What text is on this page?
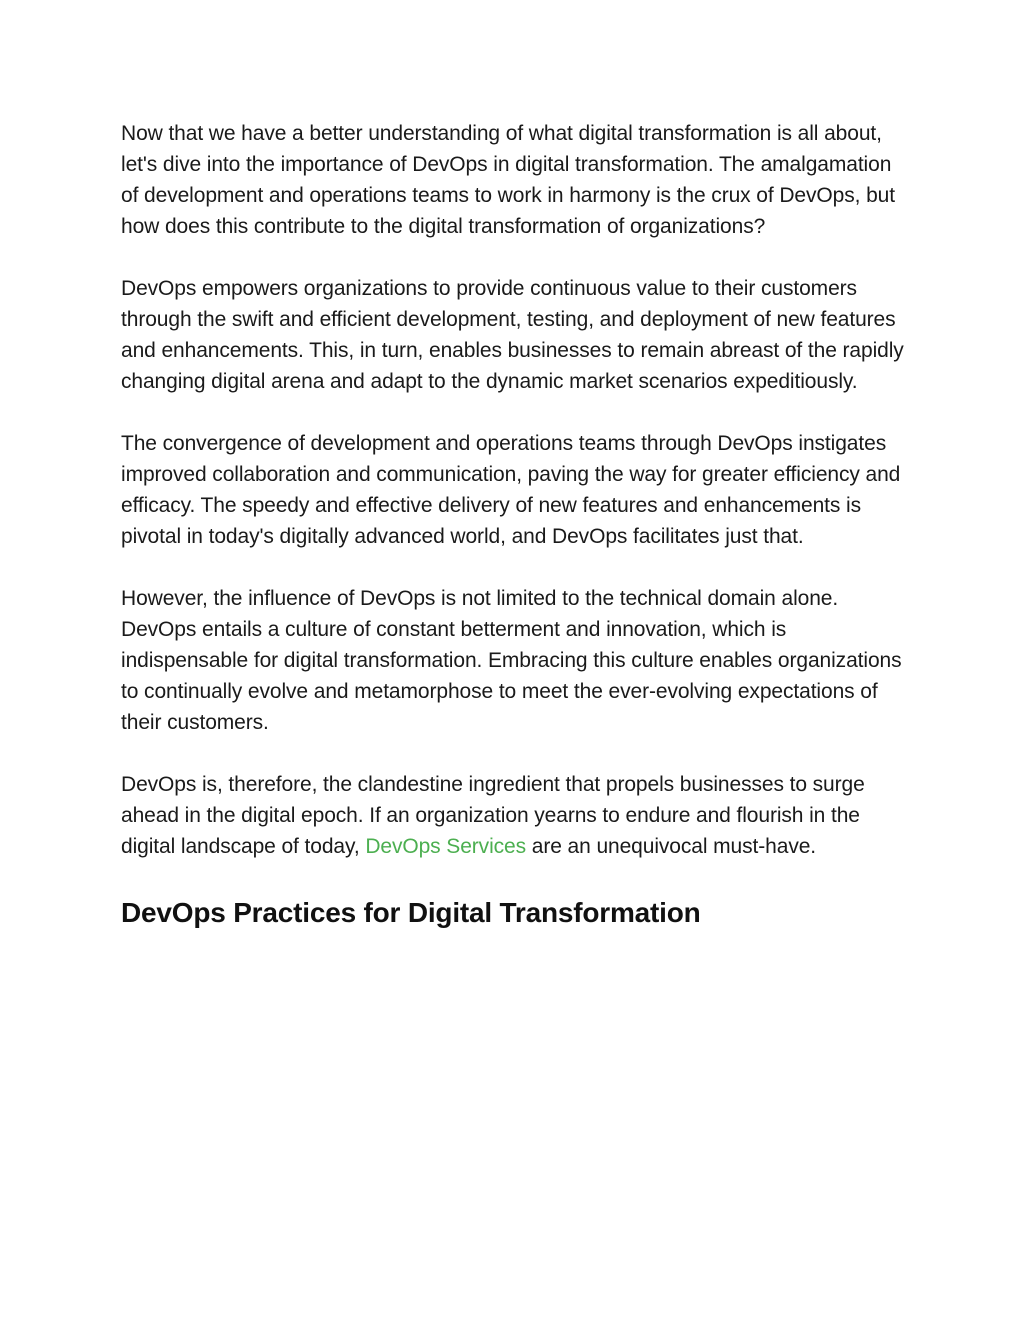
Now that we have a better understanding of what digital transformation is all about, let's dive into the importance of DevOps in digital transformation. The amalgamation of development and operations teams to work in harmony is the crux of DevOps, but how does this contribute to the digital transformation of organizations?

DevOps empowers organizations to provide continuous value to their customers through the swift and efficient development, testing, and deployment of new features and enhancements. This, in turn, enables businesses to remain abreast of the rapidly changing digital arena and adapt to the dynamic market scenarios expeditiously.

The convergence of development and operations teams through DevOps instigates improved collaboration and communication, paving the way for greater efficiency and efficacy. The speedy and effective delivery of new features and enhancements is pivotal in today's digitally advanced world, and DevOps facilitates just that.

However, the influence of DevOps is not limited to the technical domain alone. DevOps entails a culture of constant betterment and innovation, which is indispensable for digital transformation. Embracing this culture enables organizations to continually evolve and metamorphose to meet the ever-evolving expectations of their customers.

DevOps is, therefore, the clandestine ingredient that propels businesses to surge ahead in the digital epoch. If an organization yearns to endure and flourish in the digital landscape of today, DevOps Services are an unequivocal must-have.

DevOps Practices for Digital Transformation
